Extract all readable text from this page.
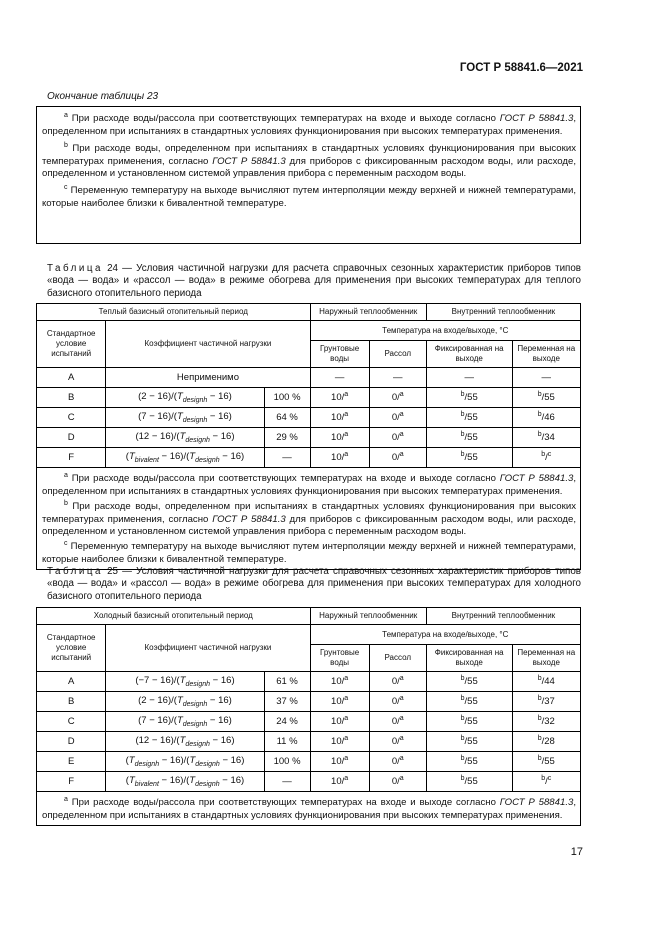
ГОСТ Р 58841.6—2021
Окончание таблицы 23

$^a$ При расходе воды/рассола при соответствующих температурах на входе и выходе согласно ГОСТ Р 58841.3, определенном при испытаниях в стандартных условиях функционирования при высоких температурах применения.

$^b$ При расходе воды, определенном при испытаниях в стандартных условиях функционирования при высоких температурах применения, согласно ГОСТ Р 58841.3 для приборов с фиксированным расходом воды, или расходе, определенном и установленном системой управления прибора с переменным расходом воды.

$^c$ Переменную температуру на выходе вычисляют путем интерполяции между верхней и нижней температурами, которые наиболее близки к бивалентной температуре.

Таблица 24 — Условия частичной нагрузки для расчета справочных сезонных характеристик приборов типов «вода — вода» и «рассол — вода» в режиме обогрева для применения при высоких температурах для теплого базисного отопительного периода
Теплый базисный отопительный период			Наружный теплообменник		Внутренний теплообменник	
Стандартное условие испытаний	Коэффициент частичной нагрузки		Температура на входе/выходе, °С			
			Грунтовые воды	Рассол	Фиксированная на выходе	Переменная на выходе
A	Неприменимо		—	—	—	—
B	$(2 - 16)/(T_{designh} - 16)$	100 %	10/$^a$	0/$^a$	$^b$/55	$^b$/55
C	$(7 - 16)/(T_{designh} - 16)$	64 %	10/$^a$	0/$^a$	$^b$/55	$^b$/46
D	$(12 - 16)/(T_{designh} - 16)$	29 %	10/$^a$	0/$^a$	$^b$/55	$^b$/34
F	$(T_{bivalent} - 16)/(T_{designh} - 16)$	—	10/$^a$	0/$^a$	$^b$/55	$^b$/$^c$

$^a$ При расходе воды/рассола при соответствующих температурах на входе и выходе согласно ГОСТ Р 58841.3, определенном при испытаниях в стандартных условиях функционирования при высоких температурах применения.

$^b$ При расходе воды, определенном при испытаниях в стандартных условиях функционирования при высоких температурах применения, согласно ГОСТ Р 58841.3 для приборов с фиксированным расходом воды, или расходе, определенном и установленном системой управления прибора с переменным расходом воды.

$^c$ Переменную температуру на выходе вычисляют путем интерполяции между верхней и нижней температурами, которые наиболее близки к бивалентной температуре.						

Таблица 25 — Условия частичной нагрузки для расчета справочных сезонных характеристик приборов типов «вода — вода» и «рассол — вода» в режиме обогрева для применения при высоких температурах для холодного базисного отопительного периода
Холодный базисный отопительный период			Наружный теплообменник		Внутренний теплообменник	
Стандартное условие испытаний	Коэффициент частичной нагрузки		Температура на входе/выходе, °С			
			Грунтовые воды	Рассол	Фиксированная на выходе	Переменная на выходе
A	$(-7 - 16)/(T_{designh} - 16)$	61 %	10/$^a$	0/$^a$	$^b$/55	$^b$/44
B	$(2 - 16)/(T_{designh} - 16)$	37 %	10/$^a$	0/$^a$	$^b$/55	$^b$/37
C	$(7 - 16)/(T_{designh} - 16)$	24 %	10/$^a$	0/$^a$	$^b$/55	$^b$/32
D	$(12 - 16)/(T_{designh} - 16)$	11 %	10/$^a$	0/$^a$	$^b$/55	$^b$/28
E	$(T_{designh} - 16)/(T_{designh} - 16)$	100 %	10/$^a$	0/$^a$	$^b$/55	$^b$/55
F	$(T_{bivalent} - 16)/(T_{designh} - 16)$	—	10/$^a$	0/$^a$	$^b$/55	$^b$/$^c$

$^a$ При расходе воды/рассола при соответствующих температурах на входе и выходе согласно ГОСТ Р 58841.3, определенном при испытаниях в стандартных условиях функционирования при высоких температурах применения.						

17
